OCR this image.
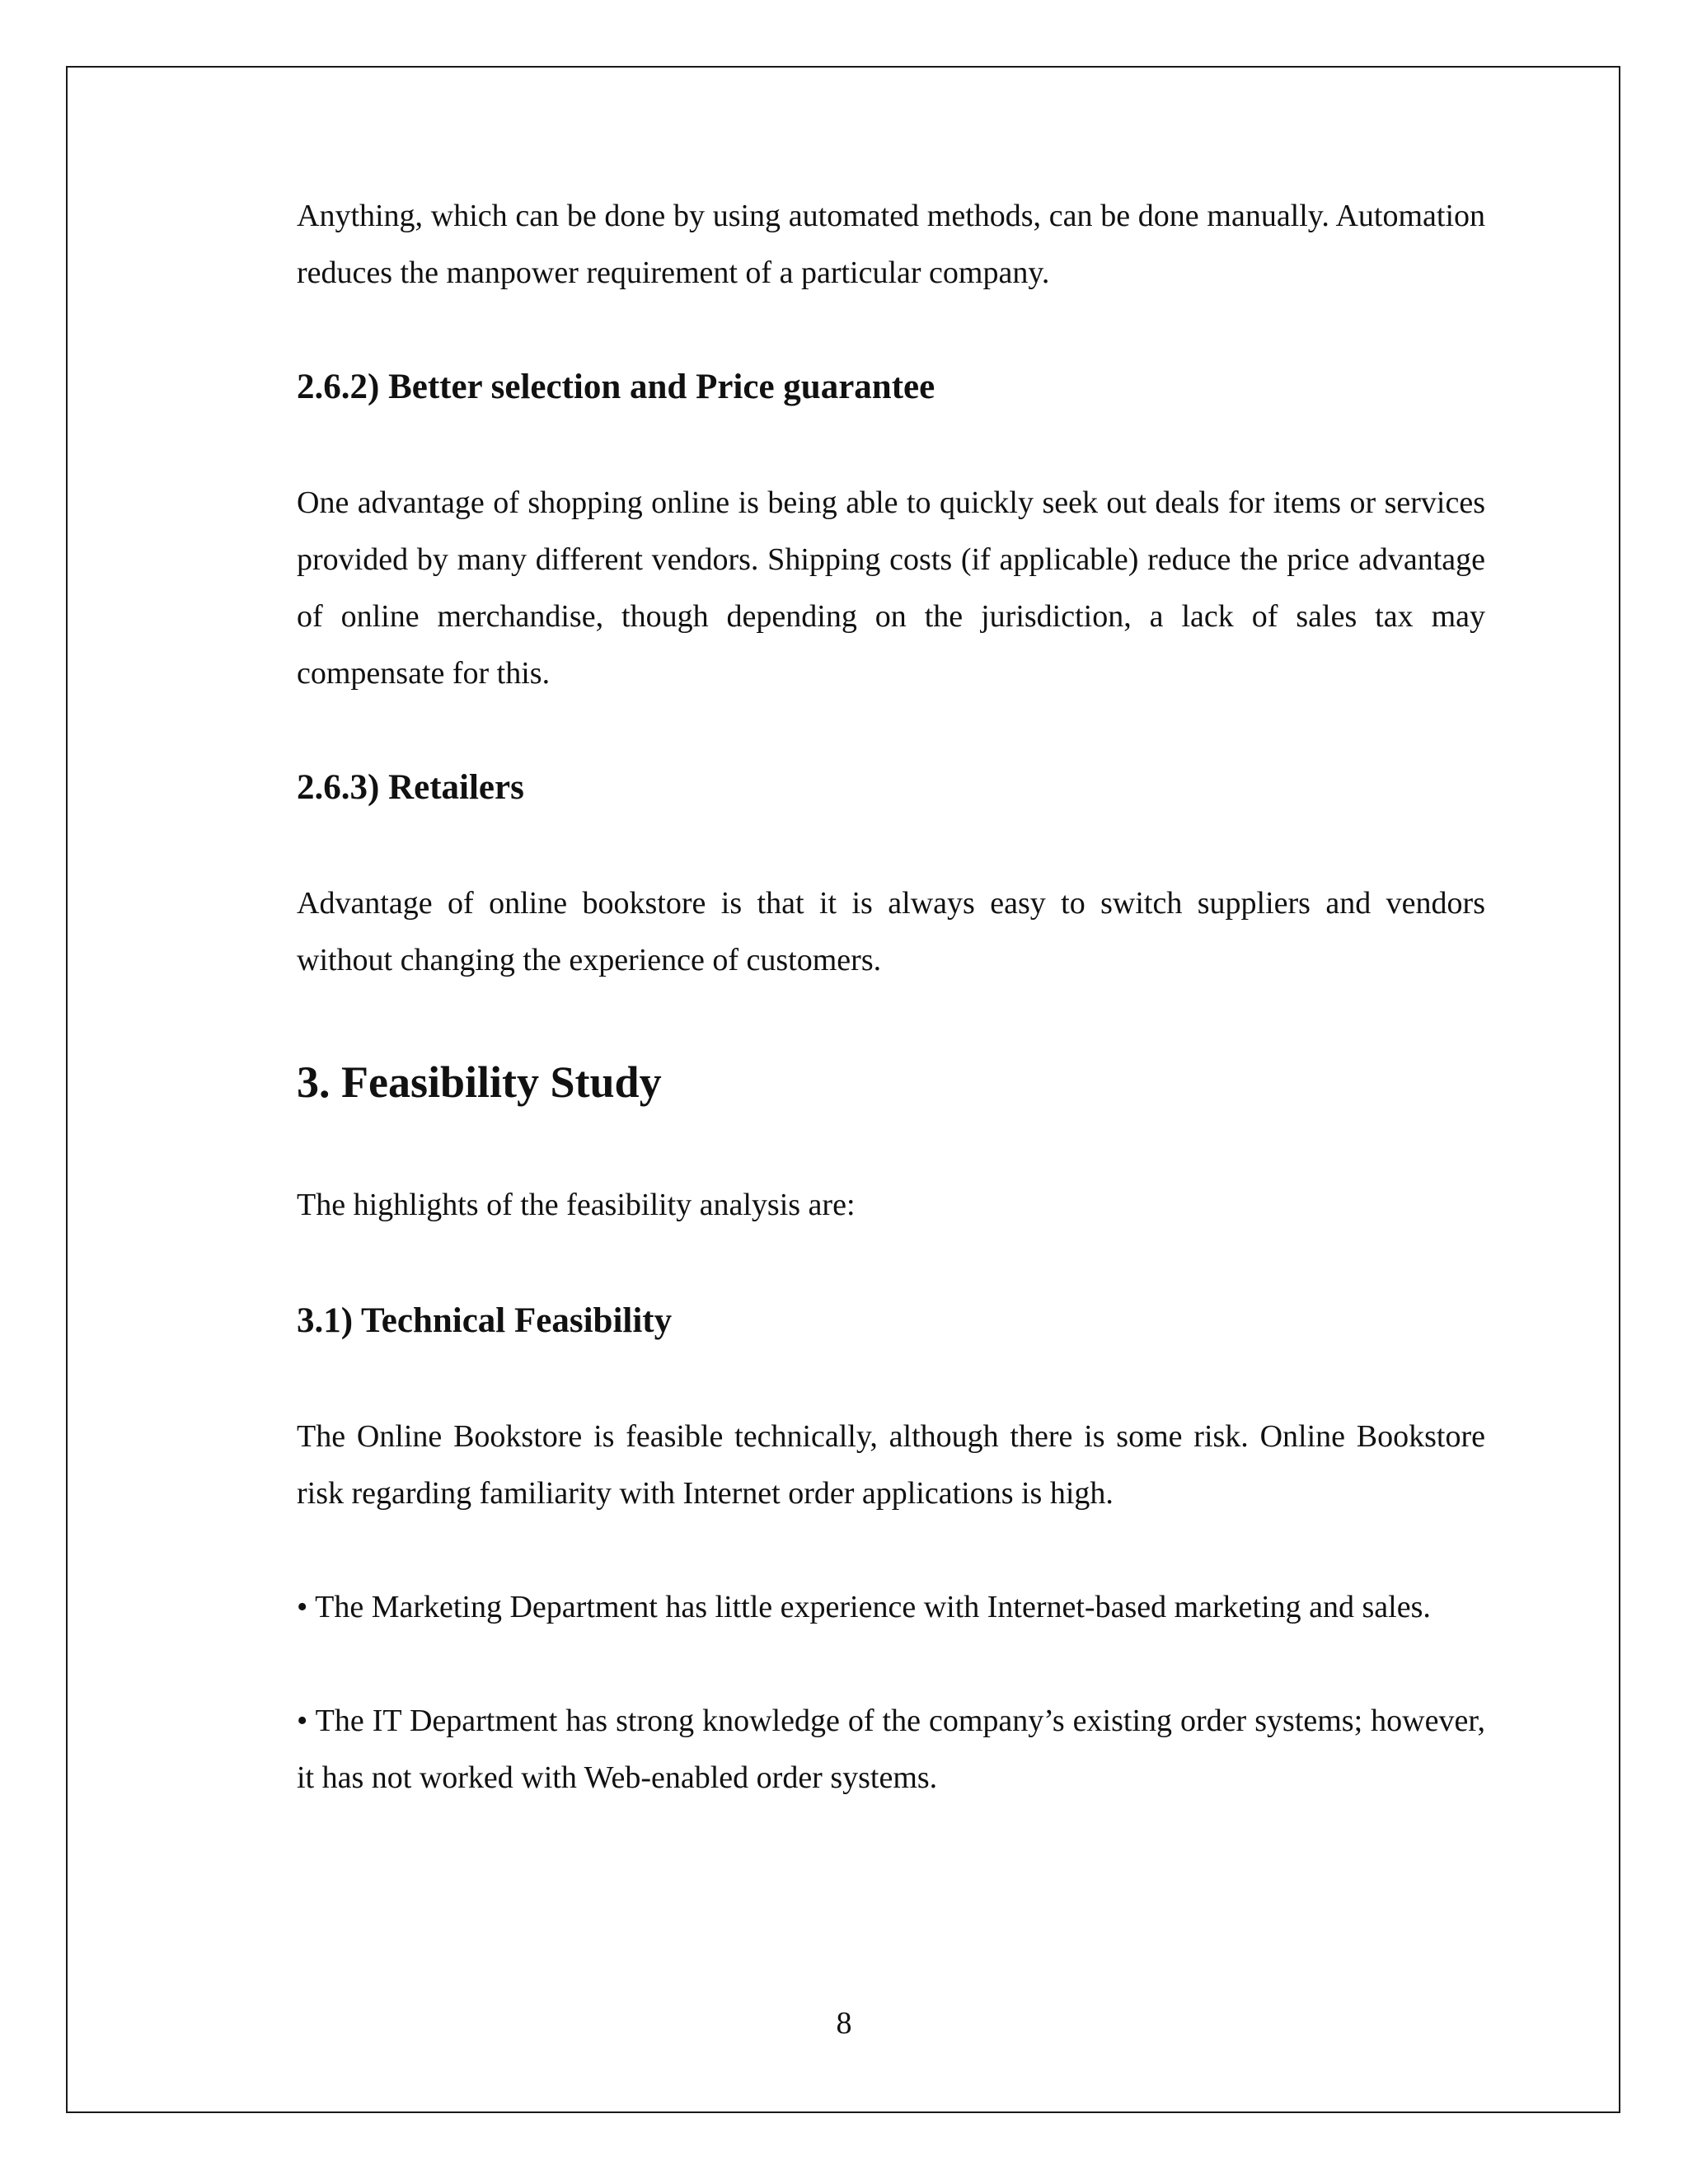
Anything, which can be done by using automated methods, can be done manually. Automation reduces the manpower requirement of a particular company.

2.6.2) Better selection and Price guarantee

One advantage of shopping online is being able to quickly seek out deals for items or services provided by many different vendors. Shipping costs (if applicable) reduce the price advantage of online merchandise, though depending on the jurisdiction, a lack of sales tax may compensate for this.

2.6.3) Retailers

Advantage of online bookstore is that it is always easy to switch suppliers and vendors without changing the experience of customers.

3. Feasibility Study

The highlights of the feasibility analysis are:

3.1) Technical Feasibility

The Online Bookstore is feasible technically, although there is some risk. Online Bookstore risk regarding familiarity with Internet order applications is high.

• The Marketing Department has little experience with Internet-based marketing and sales.

• The IT Department has strong knowledge of the company’s existing order systems; however, it has not worked with Web-enabled order systems.

8
